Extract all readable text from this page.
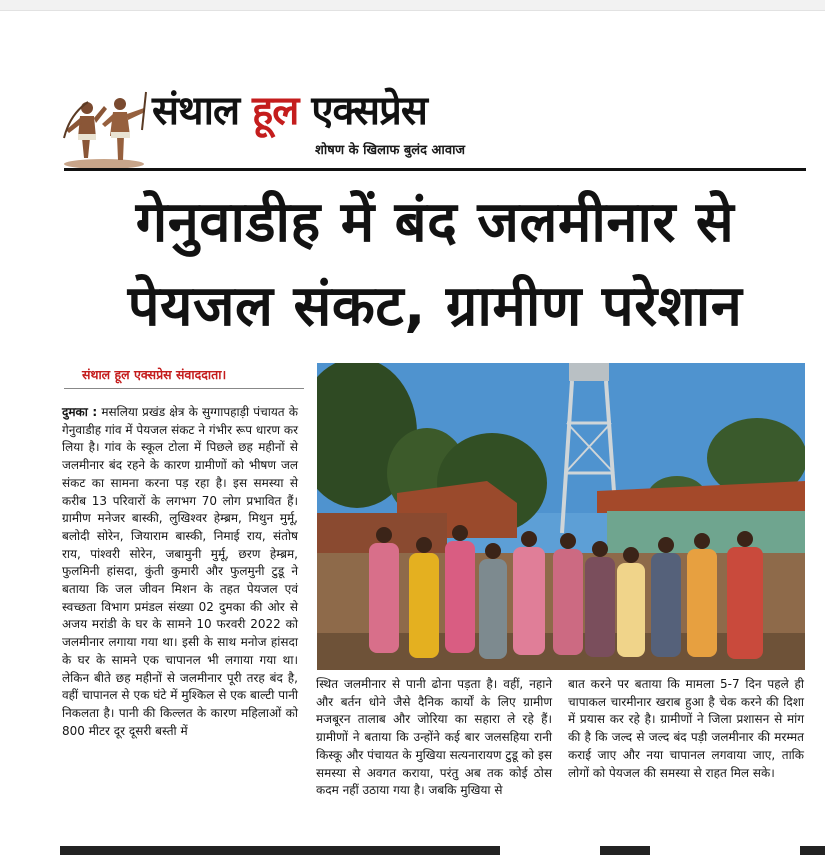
संथाल हूल एक्सप्रेस
शोषण के खिलाफ बुलंद आवाज
गेनुवाडीह में बंद जलमीनार से
पेयजल संकट, ग्रामीण परेशान
संथाल हूल एक्सप्रेस संवाददाता।
दुमका : मसलिया प्रखंड क्षेत्र के सुग्गापहाड़ी पंचायत के गेनुवाडीह गांव में पेयजल संकट ने गंभीर रूप धारण कर लिया है। गांव के स्कूल टोला में पिछले छह महीनों से जलमीनार बंद रहने के कारण ग्रामीणों को भीषण जल संकट का सामना करना पड़ रहा है। इस समस्या से करीब 13 परिवारों के लगभग 70 लोग प्रभावित हैं। ग्रामीण मनेजर बास्की, लुखिश्वर हेम्ब्रम, मिथुन मुर्मू, बलोदी सोरेन, जियाराम बास्की, निमाई राय, संतोष राय, पांश्वरी सोरेन, जबामुनी मुर्मू, छरण हेम्ब्रम, फुलमिनी हांसदा, कुंती कुमारी और फुलमुनी टुडू ने बताया कि जल जीवन मिशन के तहत पेयजल एवं स्वच्छता विभाग प्रमंडल संख्या 02 दुमका की ओर से अजय मरांडी के घर के सामने 10 फरवरी 2022 को जलमीनार लगाया गया था। इसी के साथ मनोज हांसदा के घर के सामने एक चापानल भी लगाया गया था। लेकिन बीते छह महीनों से जलमीनार पूरी तरह बंद है, वहीं चापानल से एक घंटे में मुश्किल से एक बाल्टी पानी निकलता है। पानी की किल्लत के कारण महिलाओं को 800 मीटर दूर दूसरी बस्ती में
स्थित जलमीनार से पानी ढोना पड़ता है। वहीं, नहाने और बर्तन धोने जैसे दैनिक कार्यों के लिए ग्रामीण मजबूरन तालाब और जोरिया का सहारा ले रहे हैं। ग्रामीणों ने बताया कि उन्होंने कई बार जलसहिया रानी किस्कू और पंचायत के मुखिया सत्यनारायण टुडू को इस समस्या से अवगत कराया, परंतु अब तक कोई ठोस कदम नहीं उठाया गया है। जबकि मुखिया से
बात करने पर बताया कि मामला 5-7 दिन पहले ही चापाकल चारमीनार खराब हुआ है चेक करने की दिशा में प्रयास कर रहे है। ग्रामीणों ने जिला प्रशासन से मांग की है कि जल्द से जल्द बंद पड़ी जलमीनार की मरम्मत कराई जाए और नया चापानल लगवाया जाए, ताकि लोगों को पेयजल की समस्या से राहत मिल सके।
